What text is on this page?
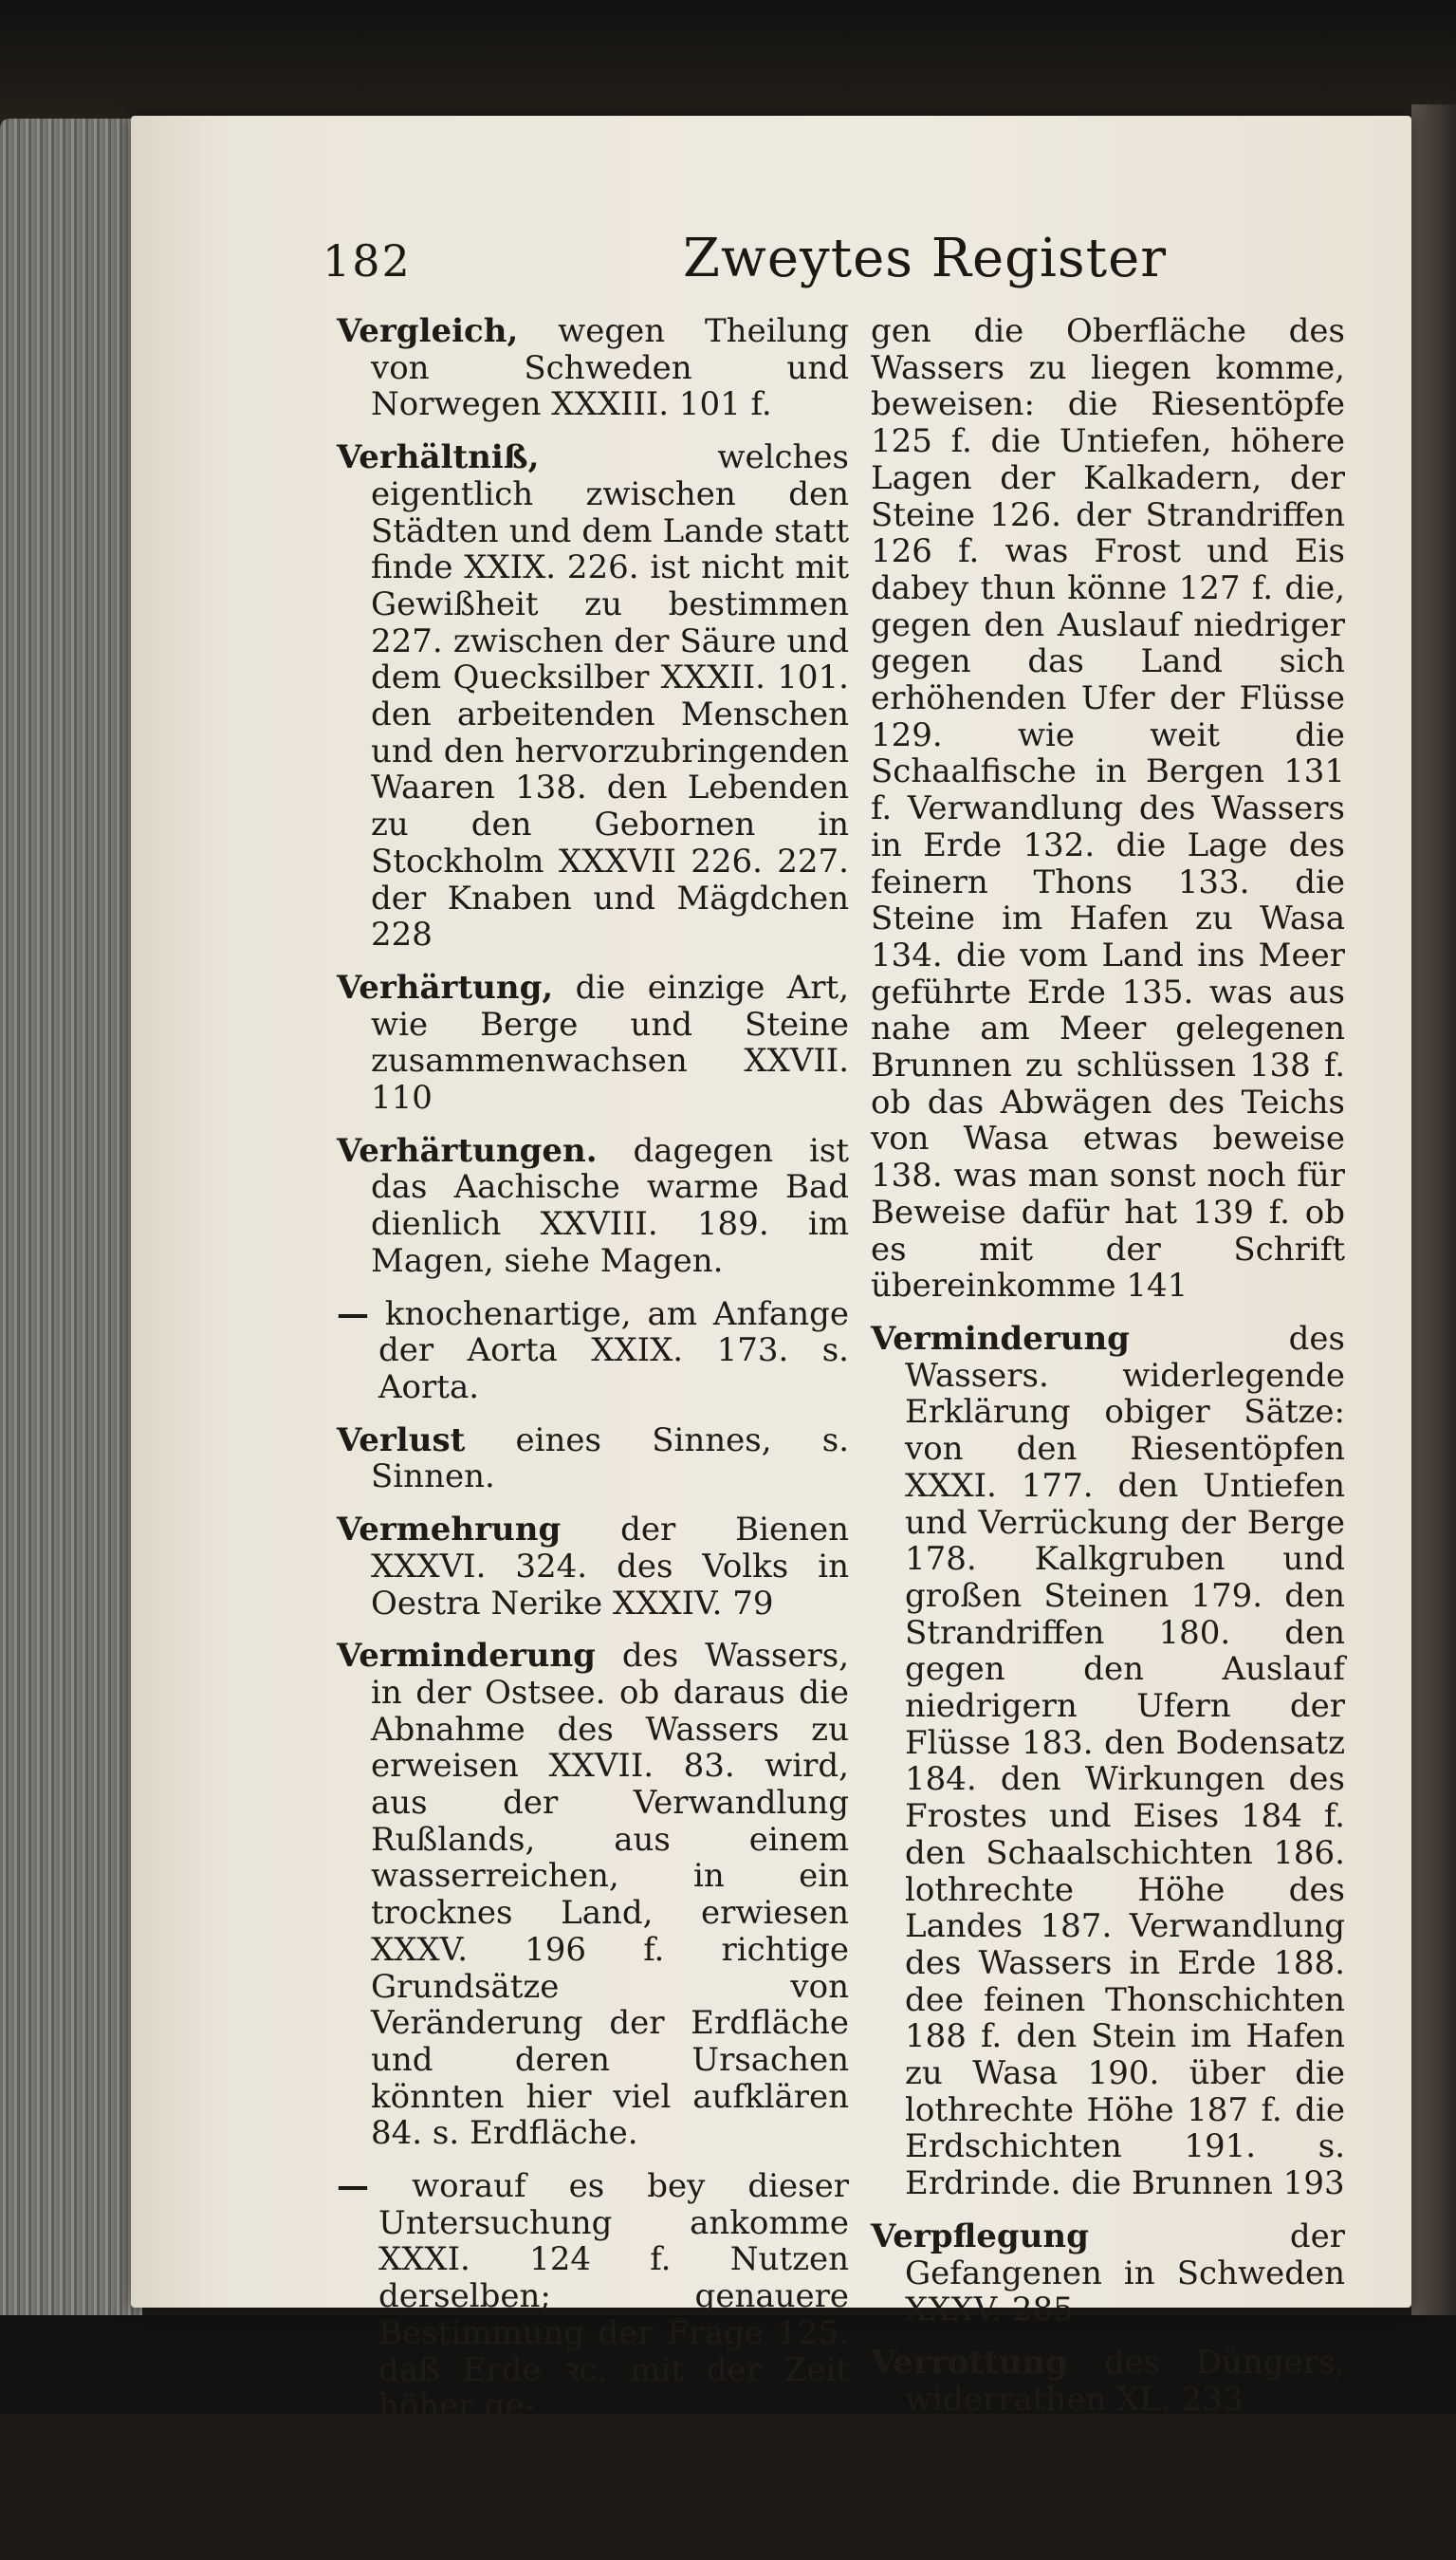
182	Zweytes Register

Vergleich, wegen Theilung von Schweden und Norwegen XXXIII. 101 f.

Verhältniß,	welches eigentlich zwischen den Städten und dem Lande statt finde XXIX. 226. ist nicht mit Gewißheit zu bestimmen 227. zwischen der Säure und dem Quecksilber XXXII. 101. den arbeitenden Menschen und den hervorzubringenden Waaren 138. den Lebenden zu den Gebornen in Stockholm XXXVII 226. 227. der Knaben und Mägdchen 228

Verhärtung, die einzige Art, wie Berge und Steine zusammenwachsen XXVII. 110

Verhärtungen. dagegen ist das Aachische warme Bad dienlich XXVIII. 189. im Magen, siehe Magen.

— knochenartige, am Anfange der Aorta XXIX. 173. s. Aorta.

Verlust eines Sinnes, s. Sinnen.

Vermehrung der Bienen XXXVI. 324. des Volks in Oestra Nerike XXXIV. 79

Verminderung des Wassers, in der Ostsee. ob daraus die Abnahme des Wassers zu erweisen XXVII. 83. wird, aus der Verwandlung Rußlands, aus einem wasserreichen, in ein trocknes Land, erwiesen XXXV. 196 f. richtige Grundsätze von Veränderung der Erdfläche und deren Ursachen könnten hier viel aufklären 84. s. Erdfläche.

— worauf es bey dieser Untersuchung ankomme XXXI. 124 f. Nutzen derselben; genauere Bestimmung der Frage 125. daß Erde ꝛc. mit der Zeit höher ge-

gen die Oberfläche des Wassers zu liegen komme, beweisen: die Riesentöpfe 125 f. die Untiefen, höhere Lagen der Kalkadern, der Steine 126. der Strandriffen 126 f. was Frost und Eis dabey thun könne 127 f. die, gegen den Auslauf niedriger gegen das Land sich erhöhenden Ufer der Flüsse 129. wie weit die Schaalfische in Bergen 131 f. Verwandlung des Wassers in Erde 132. die Lage des feinern Thons 133. die Steine im Hafen zu Wasa 134. die vom Land ins Meer geführte Erde 135. was aus nahe am Meer gelegenen Brunnen zu schlüssen 138 f. ob das Abwägen des Teichs von Wasa etwas beweise 138. was man sonst noch für Beweise dafür hat 139 f. ob es mit der Schrift übereinkomme 141

Verminderung	des Wassers. widerlegende Erklärung obiger Sätze: von den Riesentöpfen XXXI. 177. den Untiefen und Verrückung der Berge 178. Kalkgruben und großen Steinen 179. den Strandriffen 180. den gegen den Auslauf niedrigern Ufern der Flüsse 183. den Bodensatz 184. den Wirkungen des Frostes und Eises 184 f. den Schaalschichten 186. lothrechte Höhe des Landes 187. Verwandlung des Wassers in Erde 188. dee feinen Thonschichten 188 f. den Stein im Hafen zu Wasa 190. über die lothrechte Höhe 187 f. die Erdschichten 191. s. Erdrinde. die Brunnen 193

Verpflegung	der Gefangenen in Schweden XXXV. 285

Verrottung des Düngers, widerrathen XL. 233

Versteinerungen,	sind Beweise der Veränderung der Erdfläche XXVII.
